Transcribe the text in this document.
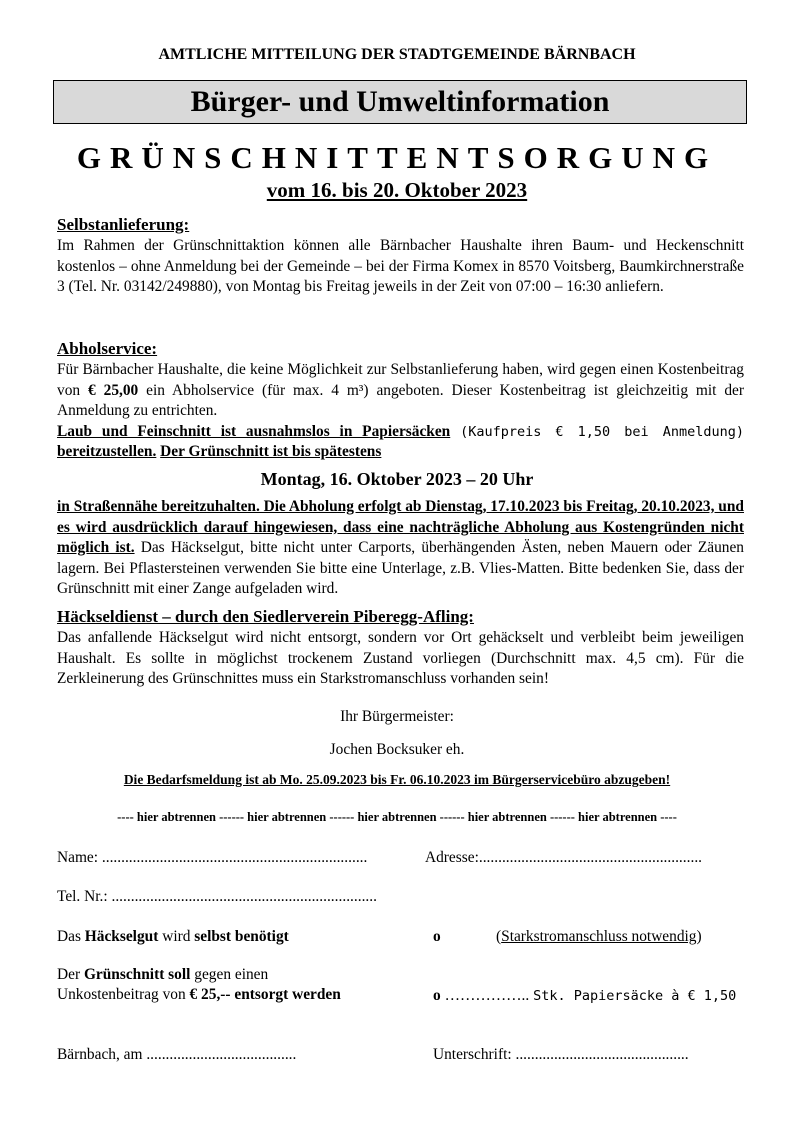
AMTLICHE MITTEILUNG DER STADTGEMEINDE BÄRNBACH
Bürger- und Umweltinformation
GRÜNSCHNITTENTSORGUNG
vom 16. bis 20. Oktober 2023
Selbstanlieferung:
Im Rahmen der Grünschnittaktion können alle Bärnbacher Haushalte ihren Baum- und Heckenschnitt kostenlos – ohne Anmeldung bei der Gemeinde – bei der Firma Komex in 8570 Voitsberg, Baumkirchnerstraße 3 (Tel. Nr. 03142/249880), von Montag bis Freitag jeweils in der Zeit von 07:00 – 16:30 anliefern.
Abholservice:
Für Bärnbacher Haushalte, die keine Möglichkeit zur Selbstanlieferung haben, wird gegen einen Kostenbeitrag von € 25,00 ein Abholservice (für max. 4 m³) angeboten. Dieser Kostenbeitrag ist gleichzeitig mit der Anmeldung zu entrichten.
Laub und Feinschnitt ist ausnahmslos in Papiersäcken (Kaufpreis € 1,50 bei Anmeldung) bereitzustellen. Der Grünschnitt ist bis spätestens
Montag, 16. Oktober 2023 – 20 Uhr
in Straßennähe bereitzuhalten. Die Abholung erfolgt ab Dienstag, 17.10.2023 bis Freitag, 20.10.2023, und es wird ausdrücklich darauf hingewiesen, dass eine nachträgliche Abholung aus Kostengründen nicht möglich ist. Das Häckselgut, bitte nicht unter Carports, überhängenden Ästen, neben Mauern oder Zäunen lagern. Bei Pflastersteinen verwenden Sie bitte eine Unterlage, z.B. Vlies-Matten. Bitte bedenken Sie, dass der Grünschnitt mit einer Zange aufgeladen wird.
Häckseldienst – durch den Siedlerverein Piberegg-Afling:
Das anfallende Häckselgut wird nicht entsorgt, sondern vor Ort gehäckselt und verbleibt beim jeweiligen Haushalt. Es sollte in möglichst trockenem Zustand vorliegen (Durchschnitt max. 4,5 cm). Für die Zerkleinerung des Grünschnittes muss ein Starkstromanschluss vorhanden sein!
Ihr Bürgermeister:
Jochen Bocksuker eh.
Die Bedarfsmeldung ist ab Mo. 25.09.2023 bis Fr. 06.10.2023 im Bürgerservicebüro abzugeben!
---- hier abtrennen ------ hier abtrennen ------ hier abtrennen ------ hier abtrennen ------ hier abtrennen ----
Name: .....................................................................	Adresse:..........................................................
Tel. Nr.: .....................................................................
Das Häckselgut wird selbst benötigt	o	(Starkstromanschluss notwendig)
Der Grünschnitt soll gegen einen
Unkostenbeitrag von € 25,-- entsorgt werden	o …………….. Stk. Papiersäcke à € 1,50
Bärnbach, am .......................................	Unterschrift: .............................................
